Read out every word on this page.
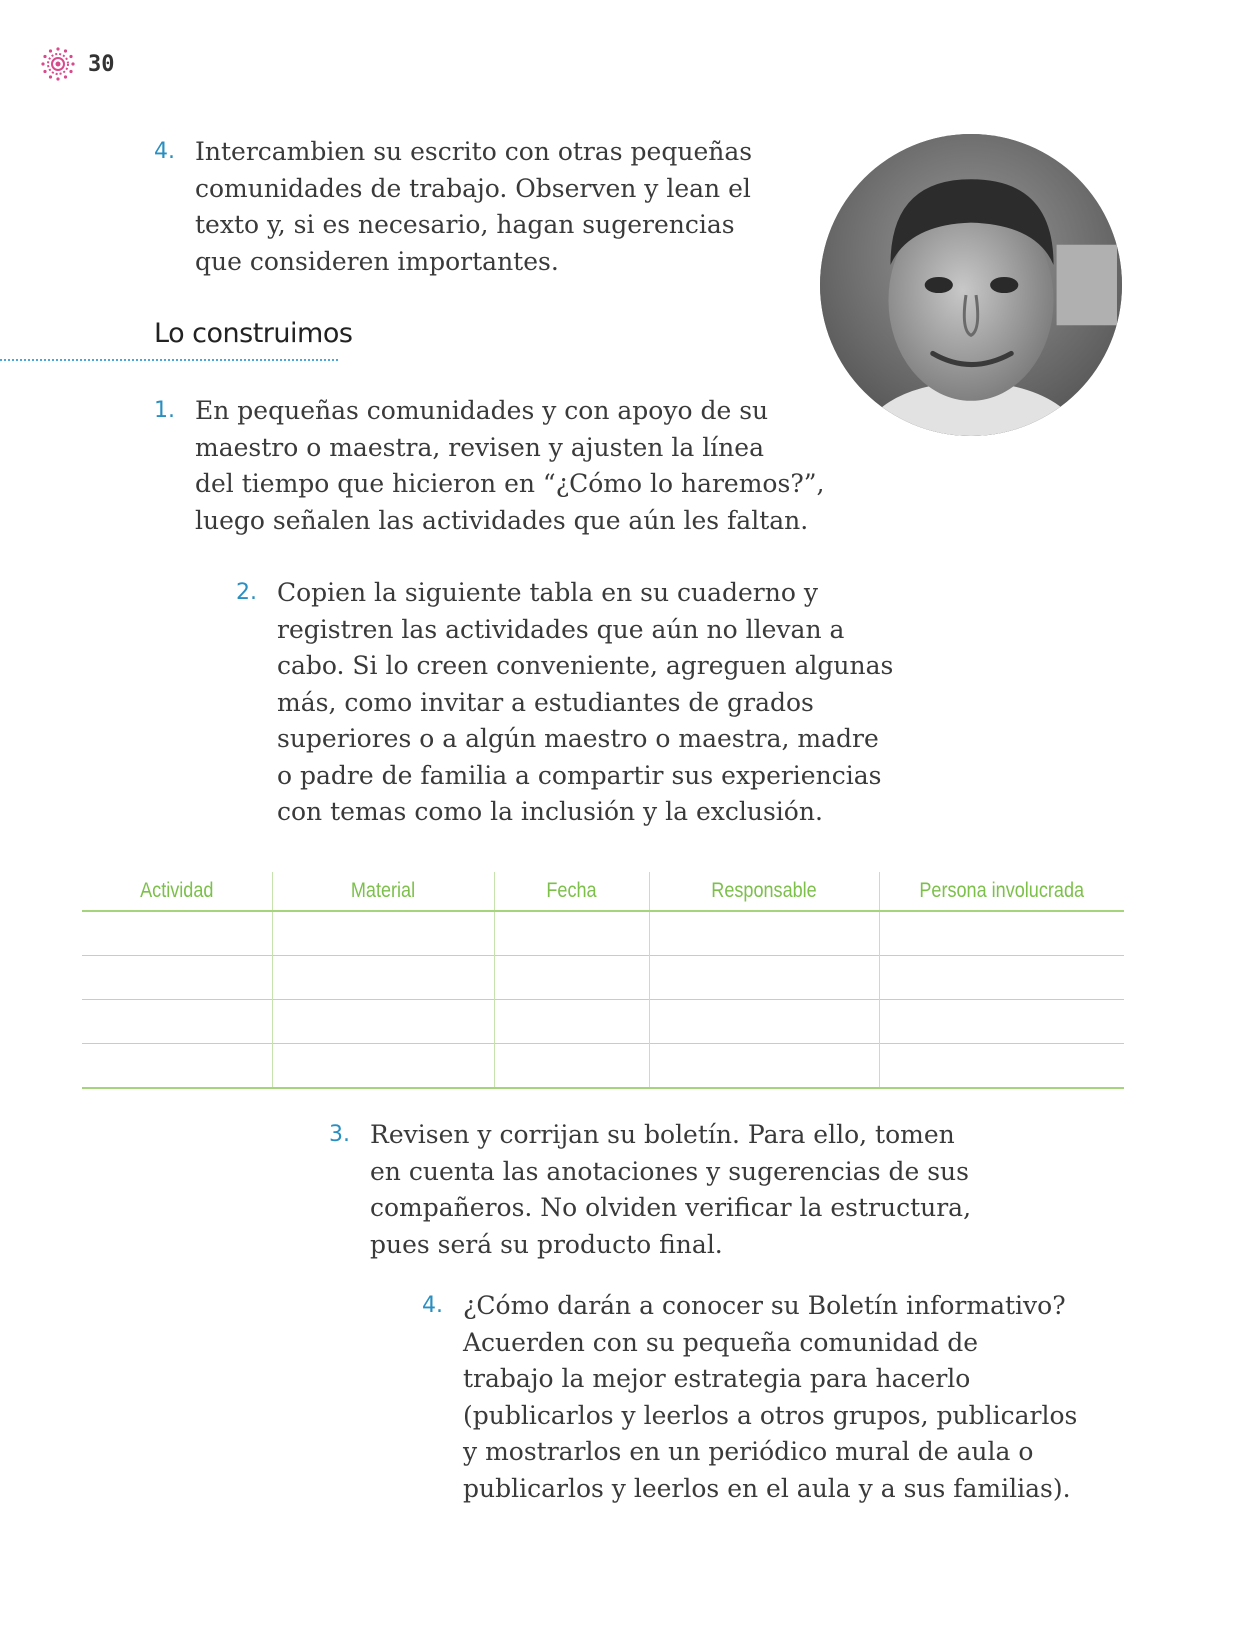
30
4. Intercambien su escrito con otras pequeñas

comunidades de trabajo. Observen y lean el

texto y, si es necesario, hagan sugerencias

que consideren importantes.

Lo construimos
1. En pequeñas comunidades y con apoyo de su

maestro o maestra, revisen y ajusten la línea

del tiempo que hicieron en “¿Cómo lo haremos?”,

luego señalen las actividades que aún les faltan.

2. Copien la siguiente tabla en su cuaderno y

registren las actividades que aún no llevan a

cabo. Si lo creen conveniente, agreguen algunas

más, como invitar a estudiantes de grados

superiores o a algún maestro o maestra, madre

o padre de familia a compartir sus experiencias

con temas como la inclusión y la exclusión.

Actividad	Material	Fecha	Responsable	Persona involucrada

3. Revisen y corrijan su boletín. Para ello, tomen

en cuenta las anotaciones y sugerencias de sus

compañeros. No olviden verificar la estructura,

pues será su producto final.

4. ¿Cómo darán a conocer su Boletín informativo?

Acuerden con su pequeña comunidad de

trabajo la mejor estrategia para hacerlo

(publicarlos y leerlos a otros grupos, publicarlos

y mostrarlos en un periódico mural de aula o

publicarlos y leerlos en el aula y a sus familias).
